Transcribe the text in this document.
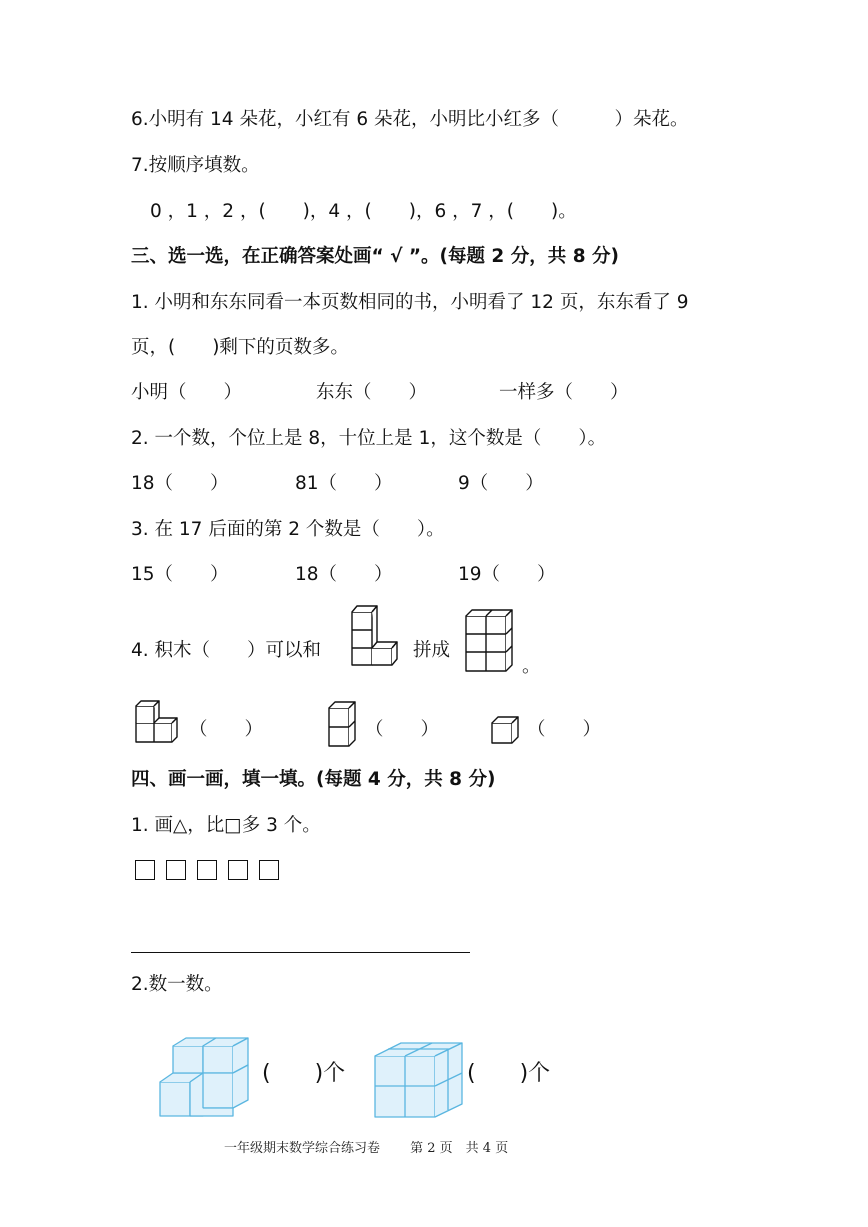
6.小明有 14 朵花，小红有 6 朵花，小明比小红多（　　　）朵花。
7.按顺序填数。
0 ，1 ，2 ，(　　)，4 ，(　　)，6 ，7 ，(　　)。
三、选一选，在正确答案处画“ √ ”。(每题 2 分，共 8 分)
1. 小明和东东同看一本页数相同的书，小明看了 12 页，东东看了 9
页，(　　)剩下的页数多。
小明（　　）	东东（　　）	一样多（　　）
2. 一个数，个位上是 8，十位上是 1，这个数是（　　）。
18（　　）	81（　　）	9（　　）
3. 在 17 后面的第 2 个数是（　　）。
15（　　）	18（　　）	19（　　）
4. 积木（　　）可以和	拼成
。
（　　）	（　　）	（　　）
四、画一画，填一填。(每题 4 分，共 8 分)
1. 画△，比□多 3 个。
2.数一数。
(　　)个	(　　)个
一年级期末数学综合练习卷　　 第 2 页　共 4 页
